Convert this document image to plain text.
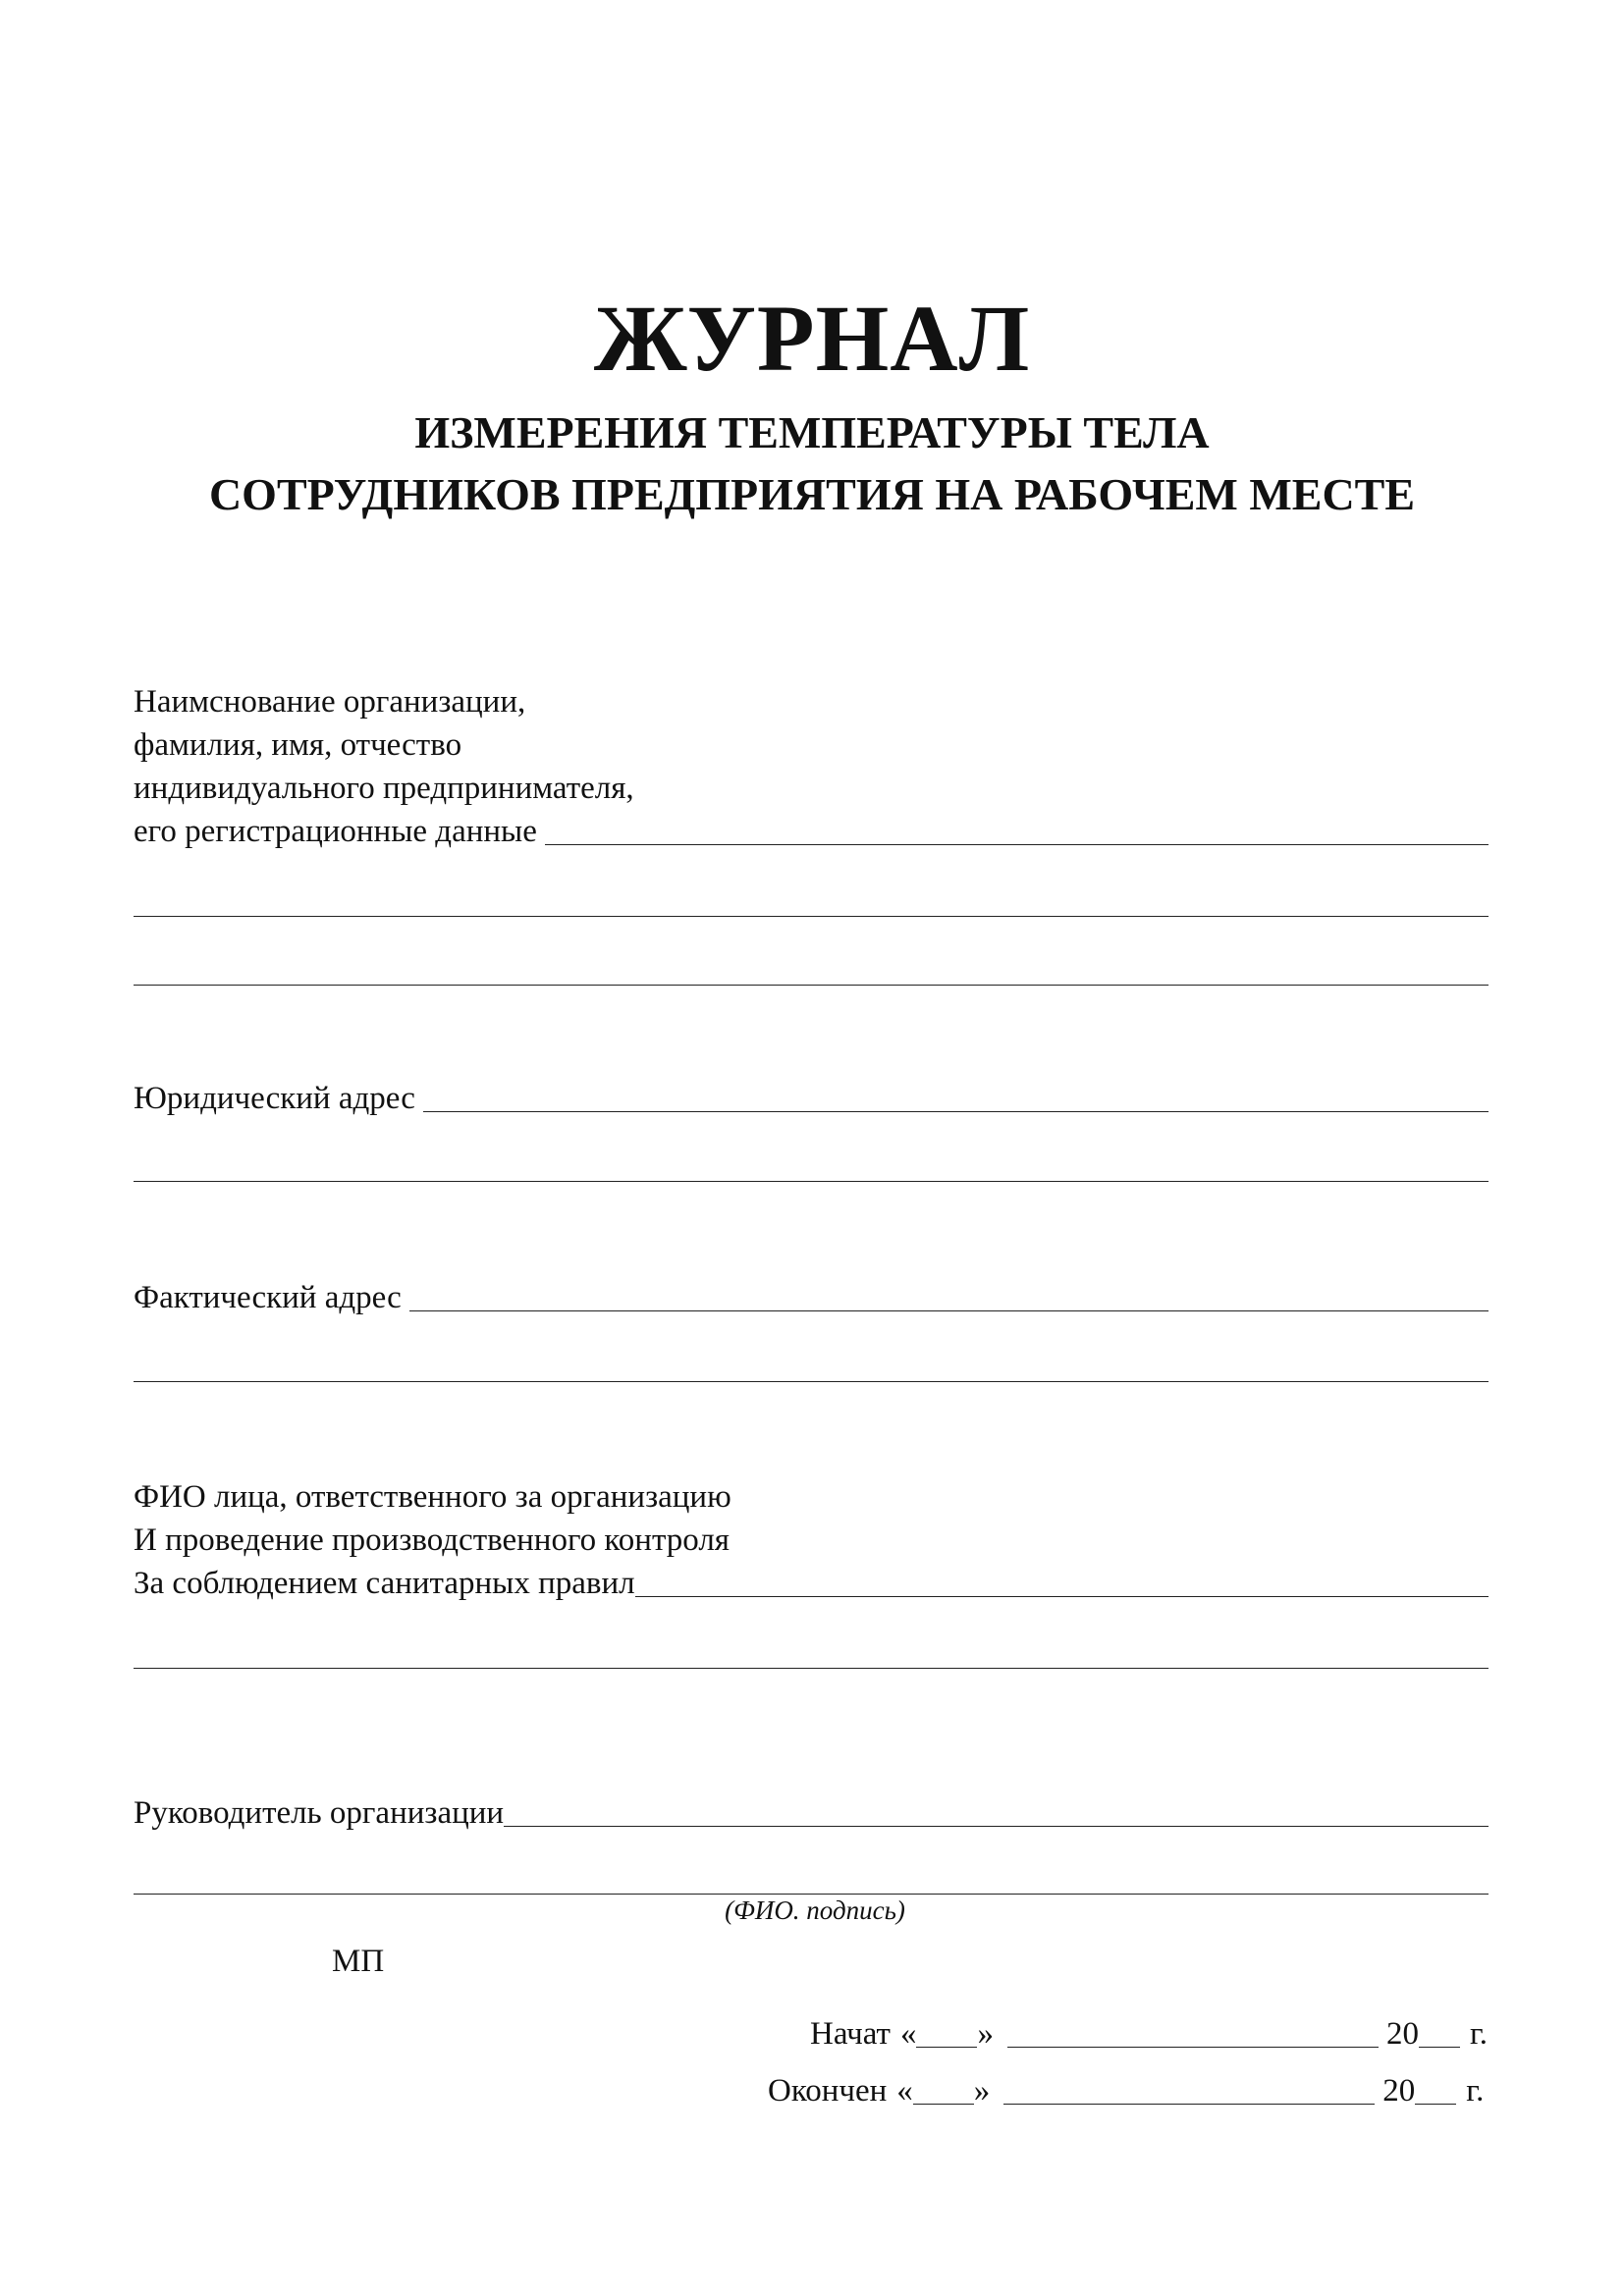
ЖУРНАЛ
ИЗМЕРЕНИЯ ТЕМПЕРАТУРЫ ТЕЛА
СОТРУДНИКОВ ПРЕДПРИЯТИЯ НА РАБОЧЕМ МЕСТЕ
Наимснование организации,
фамилия, имя, отчество
индивидуального предпринимателя,
его регистрационные данные
Юридический адрес
Фактический адрес
ФИО лица, ответственного за организацию
И проведение производственного контроля
За соблюдением санитарных правил
Руководитель организации
(ФИО. подпись)
МП
Начат « »	20 г.
Окончен « »	20 г.
